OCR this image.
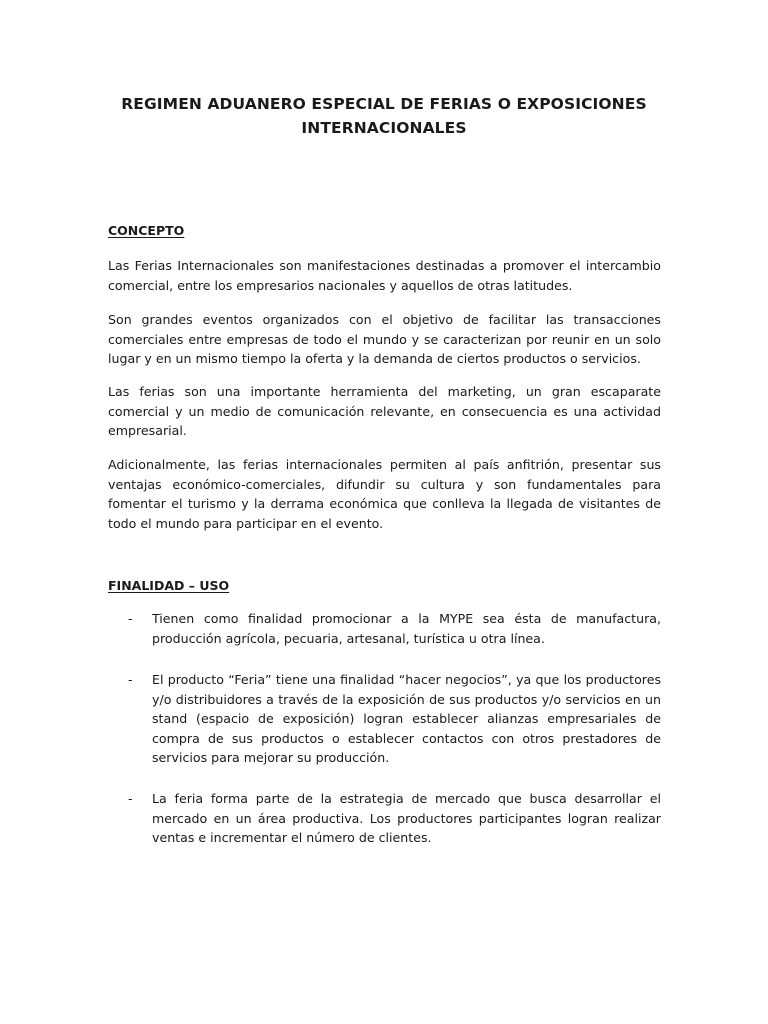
REGIMEN ADUANERO ESPECIAL DE FERIAS O EXPOSICIONES INTERNACIONALES
CONCEPTO

Las Ferias Internacionales son manifestaciones destinadas a promover el intercambio comercial, entre los empresarios nacionales y aquellos de otras latitudes.

Son grandes eventos organizados con el objetivo de facilitar las transacciones comerciales entre empresas de todo el mundo y se caracterizan por reunir en un solo lugar y en un mismo tiempo la oferta y la demanda de ciertos productos o servicios.

Las ferias son una importante herramienta del marketing, un gran escaparate comercial y un medio de comunicación relevante, en consecuencia es una actividad empresarial.

Adicionalmente, las ferias internacionales permiten al país anfitrión, presentar sus ventajas económico-comerciales, difundir su cultura y son fundamentales para fomentar el turismo y la derrama económica que conlleva la llegada de visitantes de todo el mundo para participar en el evento.

FINALIDAD – USO
- Tienen como finalidad promocionar a la MYPE sea ésta de manufactura, producción agrícola, pecuaria, artesanal, turística u otra línea.

- El producto “Feria” tiene una finalidad “hacer negocios”, ya que los productores y/o distribuidores a través de la exposición de sus productos y/o servicios en un stand (espacio de exposición) logran establecer alianzas empresariales de compra de sus productos o establecer contactos con otros prestadores de servicios para mejorar su producción.

- La feria forma parte de la estrategia de mercado que busca desarrollar el mercado en un área productiva. Los productores participantes logran realizar ventas e incrementar el número de clientes.
